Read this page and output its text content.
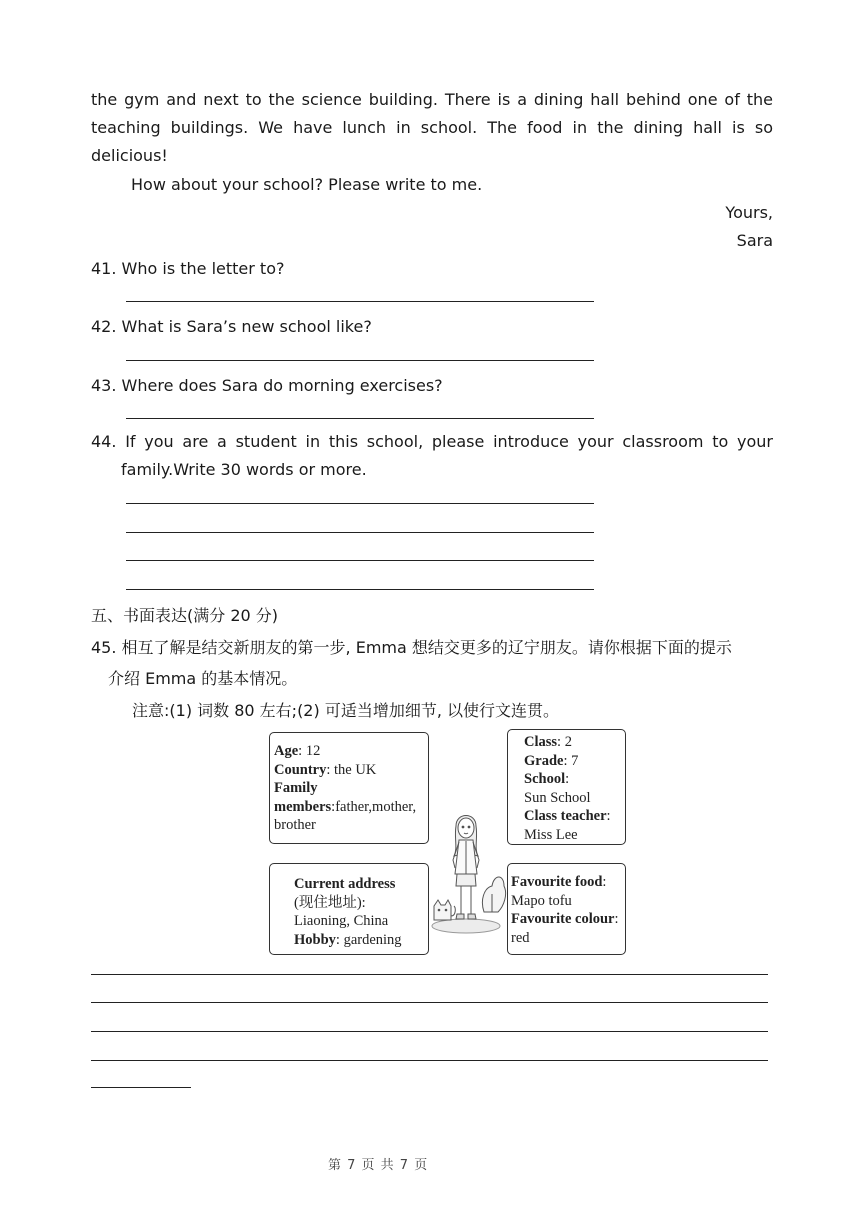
the gym and next to the science building. There is a dining hall behind one of the
teaching buildings. We have lunch in school. The food in the dining hall is so
delicious!
How about your school? Please write to me.
Yours,
Sara
41. Who is the letter to?
42. What is Sara’s new school like?
43. Where does Sara do morning exercises?
44. If you are a student in this school, please introduce your classroom to your
family.Write 30 words or more.
五、书面表达(满分 20 分)
45. 相互了解是结交新朋友的第一步, Emma 想结交更多的辽宁朋友。请你根据下面的提示
介绍 Emma 的基本情况。
注意:(1) 词数 80 左右;(2) 可适当增加细节, 以使行文连贯。
Age: 12
Country: the UK
Family
members:father,mother,
brother
Class: 2
Grade: 7
School:
Sun School
Class teacher:
Miss Lee
Current address
(现住地址):
Liaoning, China
Hobby: gardening
Favourite food:
Mapo tofu
Favourite colour:
red
第 7 页 共 7 页
